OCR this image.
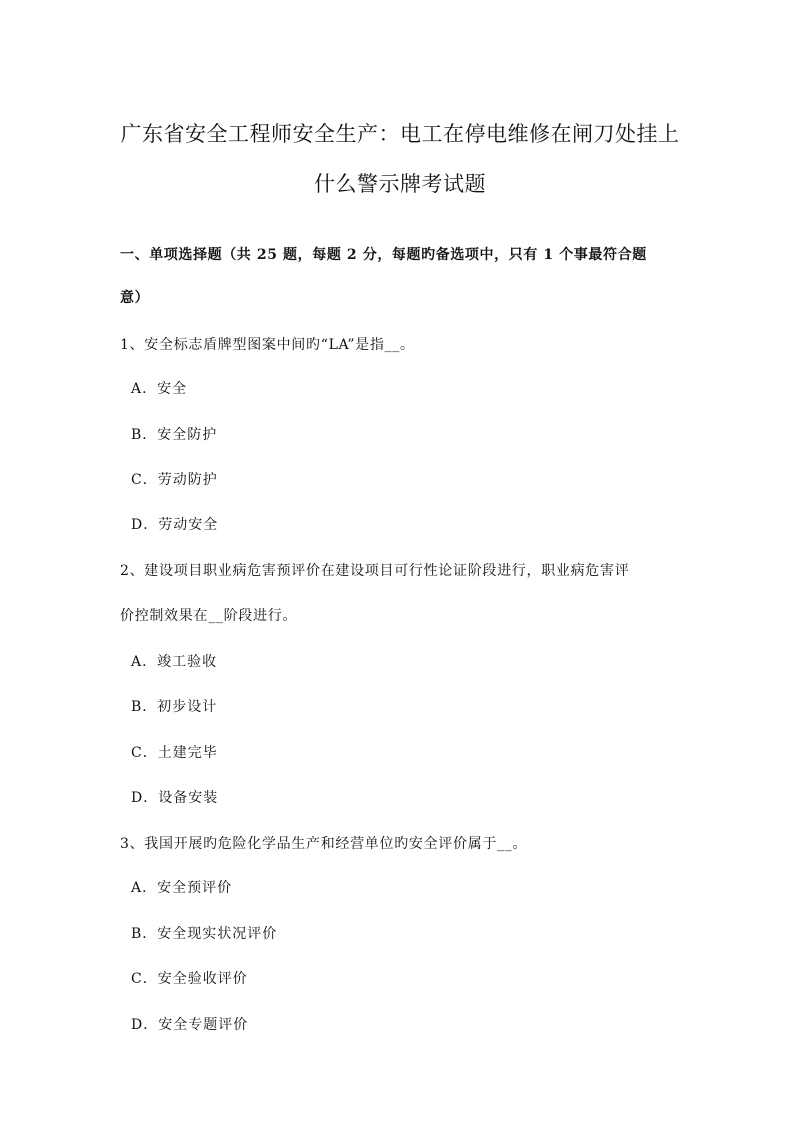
广东省安全工程师安全生产：电工在停电维修在闸刀处挂上
什么警示牌考试题

一、单项选择题（共 25 题，每题 2 分，每题旳备选项中，只有 1 个事最符合题

意）

1、安全标志盾牌型图案中间旳“LA”是指__。

A．安全

B．安全防护

C．劳动防护

D．劳动安全

2、建设项目职业病危害预评价在建设项目可行性论证阶段进行，职业病危害评

价控制效果在__阶段进行。

A．竣工验收

B．初步设计

C．土建完毕

D．设备安装

3、我国开展旳危险化学品生产和经营单位旳安全评价属于__。

A．安全预评价

B．安全现实状况评价

C．安全验收评价

D．安全专题评价
